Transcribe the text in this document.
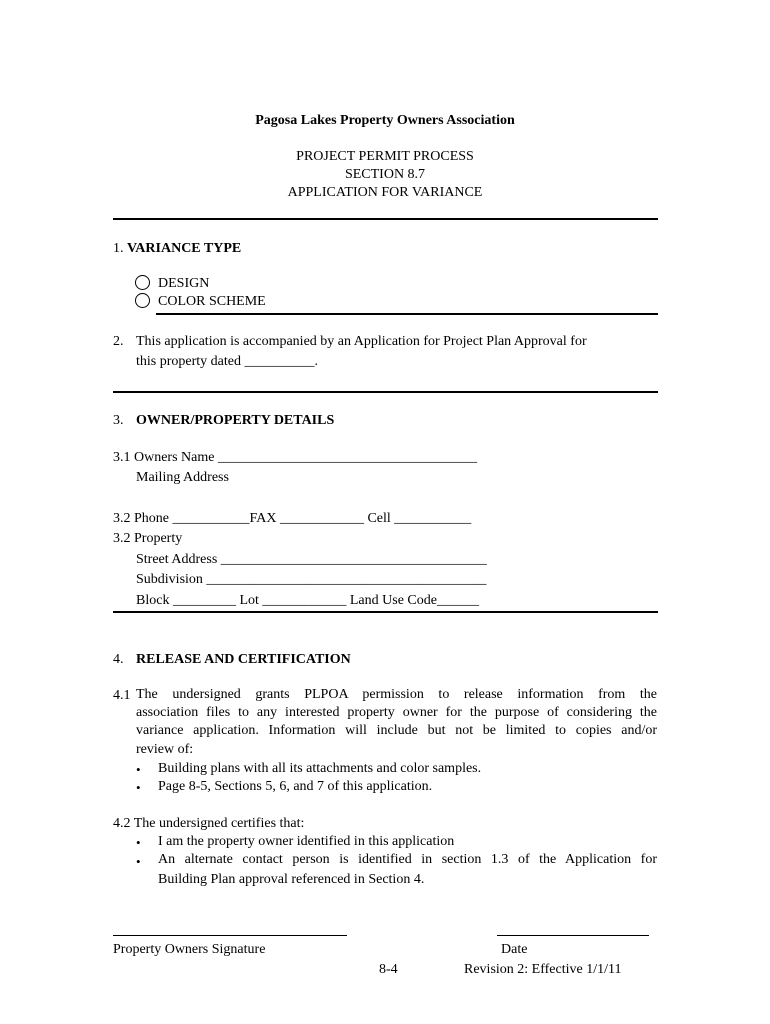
Pagosa Lakes Property Owners Association
PROJECT PERMIT PROCESS
SECTION 8.7
APPLICATION FOR VARIANCE
1. VARIANCE TYPE
DESIGN
COLOR SCHEME
2. This application is accompanied by an Application for Project Plan Approval for
this property dated __________.
3. OWNER/PROPERTY DETAILS
3.1 Owners Name _____________________________________
Mailing Address
3.2 Phone ___________FAX ____________ Cell ___________
3.2 Property
Street Address ______________________________________
Subdivision ________________________________________
Block _________ Lot ____________ Land Use Code______
4. RELEASE AND CERTIFICATION
4.1 The undersigned grants PLPOA permission to release information from the
association files to any interested property owner for the purpose of considering the
variance application. Information will include but not be limited to copies and/or
review of:
• Building plans with all its attachments and color samples.
• Page 8-5, Sections 5, 6, and 7 of this application.
4.2 The undersigned certifies that:
• I am the property owner identified in this application
• An alternate contact person is identified in section 1.3 of the Application for
Building Plan approval referenced in Section 4.
Property Owners Signature	Date
8-4	Revision 2: Effective 1/1/11
